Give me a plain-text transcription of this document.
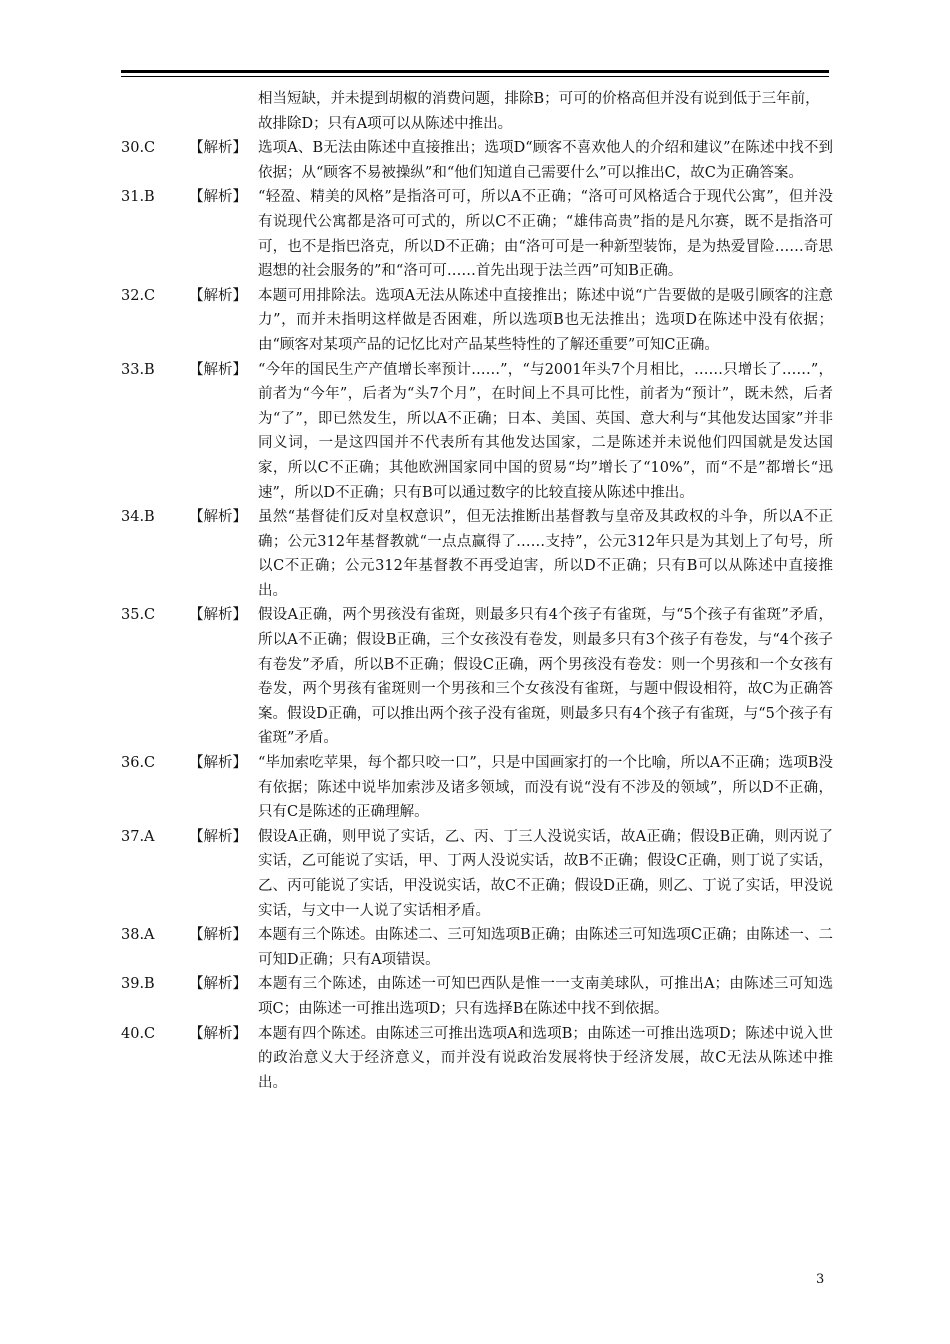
相当短缺，并未提到胡椒的消费问题，排除B；可可的价格高但并没有说到低于三年前，故排除D；只有A项可以从陈述中推出。
30.C 【解析】 选项A、B无法由陈述中直接推出；选项D“顾客不喜欢他人的介绍和建议”在陈述中找不到依据；从“顾客不易被操纵”和“他们知道自己需要什么”可以推出C，故C为正确答案。
31.B 【解析】 “轻盈、精美的风格”是指洛可可，所以A不正确；“洛可可风格适合于现代公寓”，但并没有说现代公寓都是洛可可式的，所以C不正确；“雄伟高贵”指的是凡尔赛，既不是指洛可可，也不是指巴洛克，所以D不正确；由“洛可可是一种新型装饰，是为热爱冒险……奇思遐想的社会服务的”和“洛可可……首先出现于法兰西”可知B正确。
32.C 【解析】 本题可用排除法。选项A无法从陈述中直接推出；陈述中说“广告要做的是吸引顾客的注意力”，而并未指明这样做是否困难，所以选项B也无法推出；选项D在陈述中没有依据；由“顾客对某项产品的记忆比对产品某些特性的了解还重要”可知C正确。
33.B 【解析】 “今年的国民生产产值增长率预计……”，“与2001年头7个月相比，……只增长了……”，前者为“今年”，后者为“头7个月”，在时间上不具可比性，前者为“预计”，既未然，后者为“了”，即已然发生，所以A不正确；日本、美国、英国、意大利与“其他发达国家”并非同义词，一是这四国并不代表所有其他发达国家，二是陈述并未说他们四国就是发达国家，所以C不正确；其他欧洲国家同中国的贸易“均”增长了“10%”，而“不是”都增长“迅速”，所以D不正确；只有B可以通过数字的比较直接从陈述中推出。
34.B 【解析】 虽然“基督徒们反对皇权意识”，但无法推断出基督教与皇帝及其政权的斗争，所以A不正确；公元312年基督教就“一点点赢得了……支持”，公元312年只是为其划上了句号，所以C不正确；公元312年基督教不再受迫害，所以D不正确；只有B可以从陈述中直接推出。
35.C 【解析】 假设A正确，两个男孩没有雀斑，则最多只有4个孩子有雀斑，与“5个孩子有雀斑”矛盾，所以A不正确；假设B正确，三个女孩没有卷发，则最多只有3个孩子有卷发，与“4个孩子有卷发”矛盾，所以B不正确；假设C正确，两个男孩没有卷发：则一个男孩和一个女孩有卷发，两个男孩有雀斑则一个男孩和三个女孩没有雀斑，与题中假设相符，故C为正确答案。假设D正确，可以推出两个孩子没有雀斑，则最多只有4个孩子有雀斑，与“5个孩子有雀斑”矛盾。
36.C 【解析】 “毕加索吃苹果，每个都只咬一口”，只是中国画家打的一个比喻，所以A不正确；选项B没有依据；陈述中说毕加索涉及诸多领域，而没有说“没有不涉及的领域”，所以D不正确，只有C是陈述的正确理解。
37.A 【解析】 假设A正确，则甲说了实话，乙、丙、丁三人没说实话，故A正确；假设B正确，则丙说了实话，乙可能说了实话，甲、丁两人没说实话，故B不正确；假设C正确，则丁说了实话，乙、丙可能说了实话，甲没说实话，故C不正确；假设D正确，则乙、丁说了实话，甲没说实话，与文中一人说了实话相矛盾。
38.A 【解析】 本题有三个陈述。由陈述二、三可知选项B正确；由陈述三可知选项C正确；由陈述一、二可知D正确；只有A项错误。
39.B 【解析】 本题有三个陈述，由陈述一可知巴西队是惟一一支南美球队，可推出A；由陈述三可知选项C；由陈述一可推出选项D；只有选择B在陈述中找不到依据。
40.C 【解析】 本题有四个陈述。由陈述三可推出选项A和选项B；由陈述一可推出选项D；陈述中说入世的政治意义大于经济意义，而并没有说政治发展将快于经济发展，故C无法从陈述中推出。
3
